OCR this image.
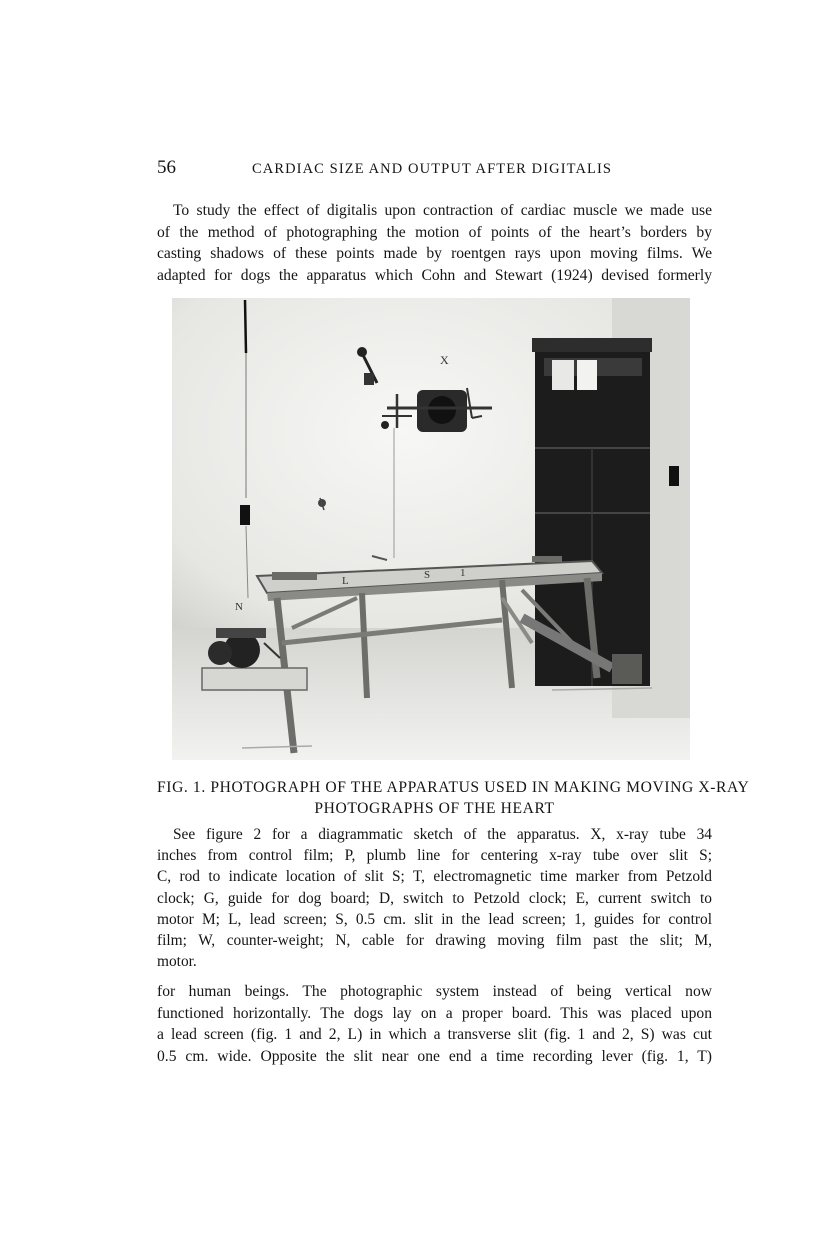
56	CARDIAC SIZE AND OUTPUT AFTER DIGITALIS

To study the effect of digitalis upon contraction of cardiac muscle we made use
of the method of photographing the motion of points of the heart’s borders by
casting shadows of these points made by roentgen rays upon moving films. We
adapted for dogs the apparatus which Cohn and Stewart (1924) devised formerly

X
L	S	1
N
FIG. 1. PHOTOGRAPH OF THE APPARATUS USED IN MAKING MOVING X-RAY
PHOTOGRAPHS OF THE HEART
See figure 2 for a diagrammatic sketch of the apparatus. X, x-ray tube 34
inches from control film; P, plumb line for centering x-ray tube over slit S;
C, rod to indicate location of slit S; T, electromagnetic time marker from Petzold
clock; G, guide for dog board; D, switch to Petzold clock; E, current switch to
motor M; L, lead screen; S, 0.5 cm. slit in the lead screen; 1, guides for control
film; W, counter-weight; N, cable for drawing moving film past the slit; M,
motor.

for human beings. The photographic system instead of being vertical now
functioned horizontally. The dogs lay on a proper board. This was placed upon
a lead screen (fig. 1 and 2, L) in which a transverse slit (fig. 1 and 2, S) was cut
0.5 cm. wide. Opposite the slit near one end a time recording lever (fig. 1, T)
